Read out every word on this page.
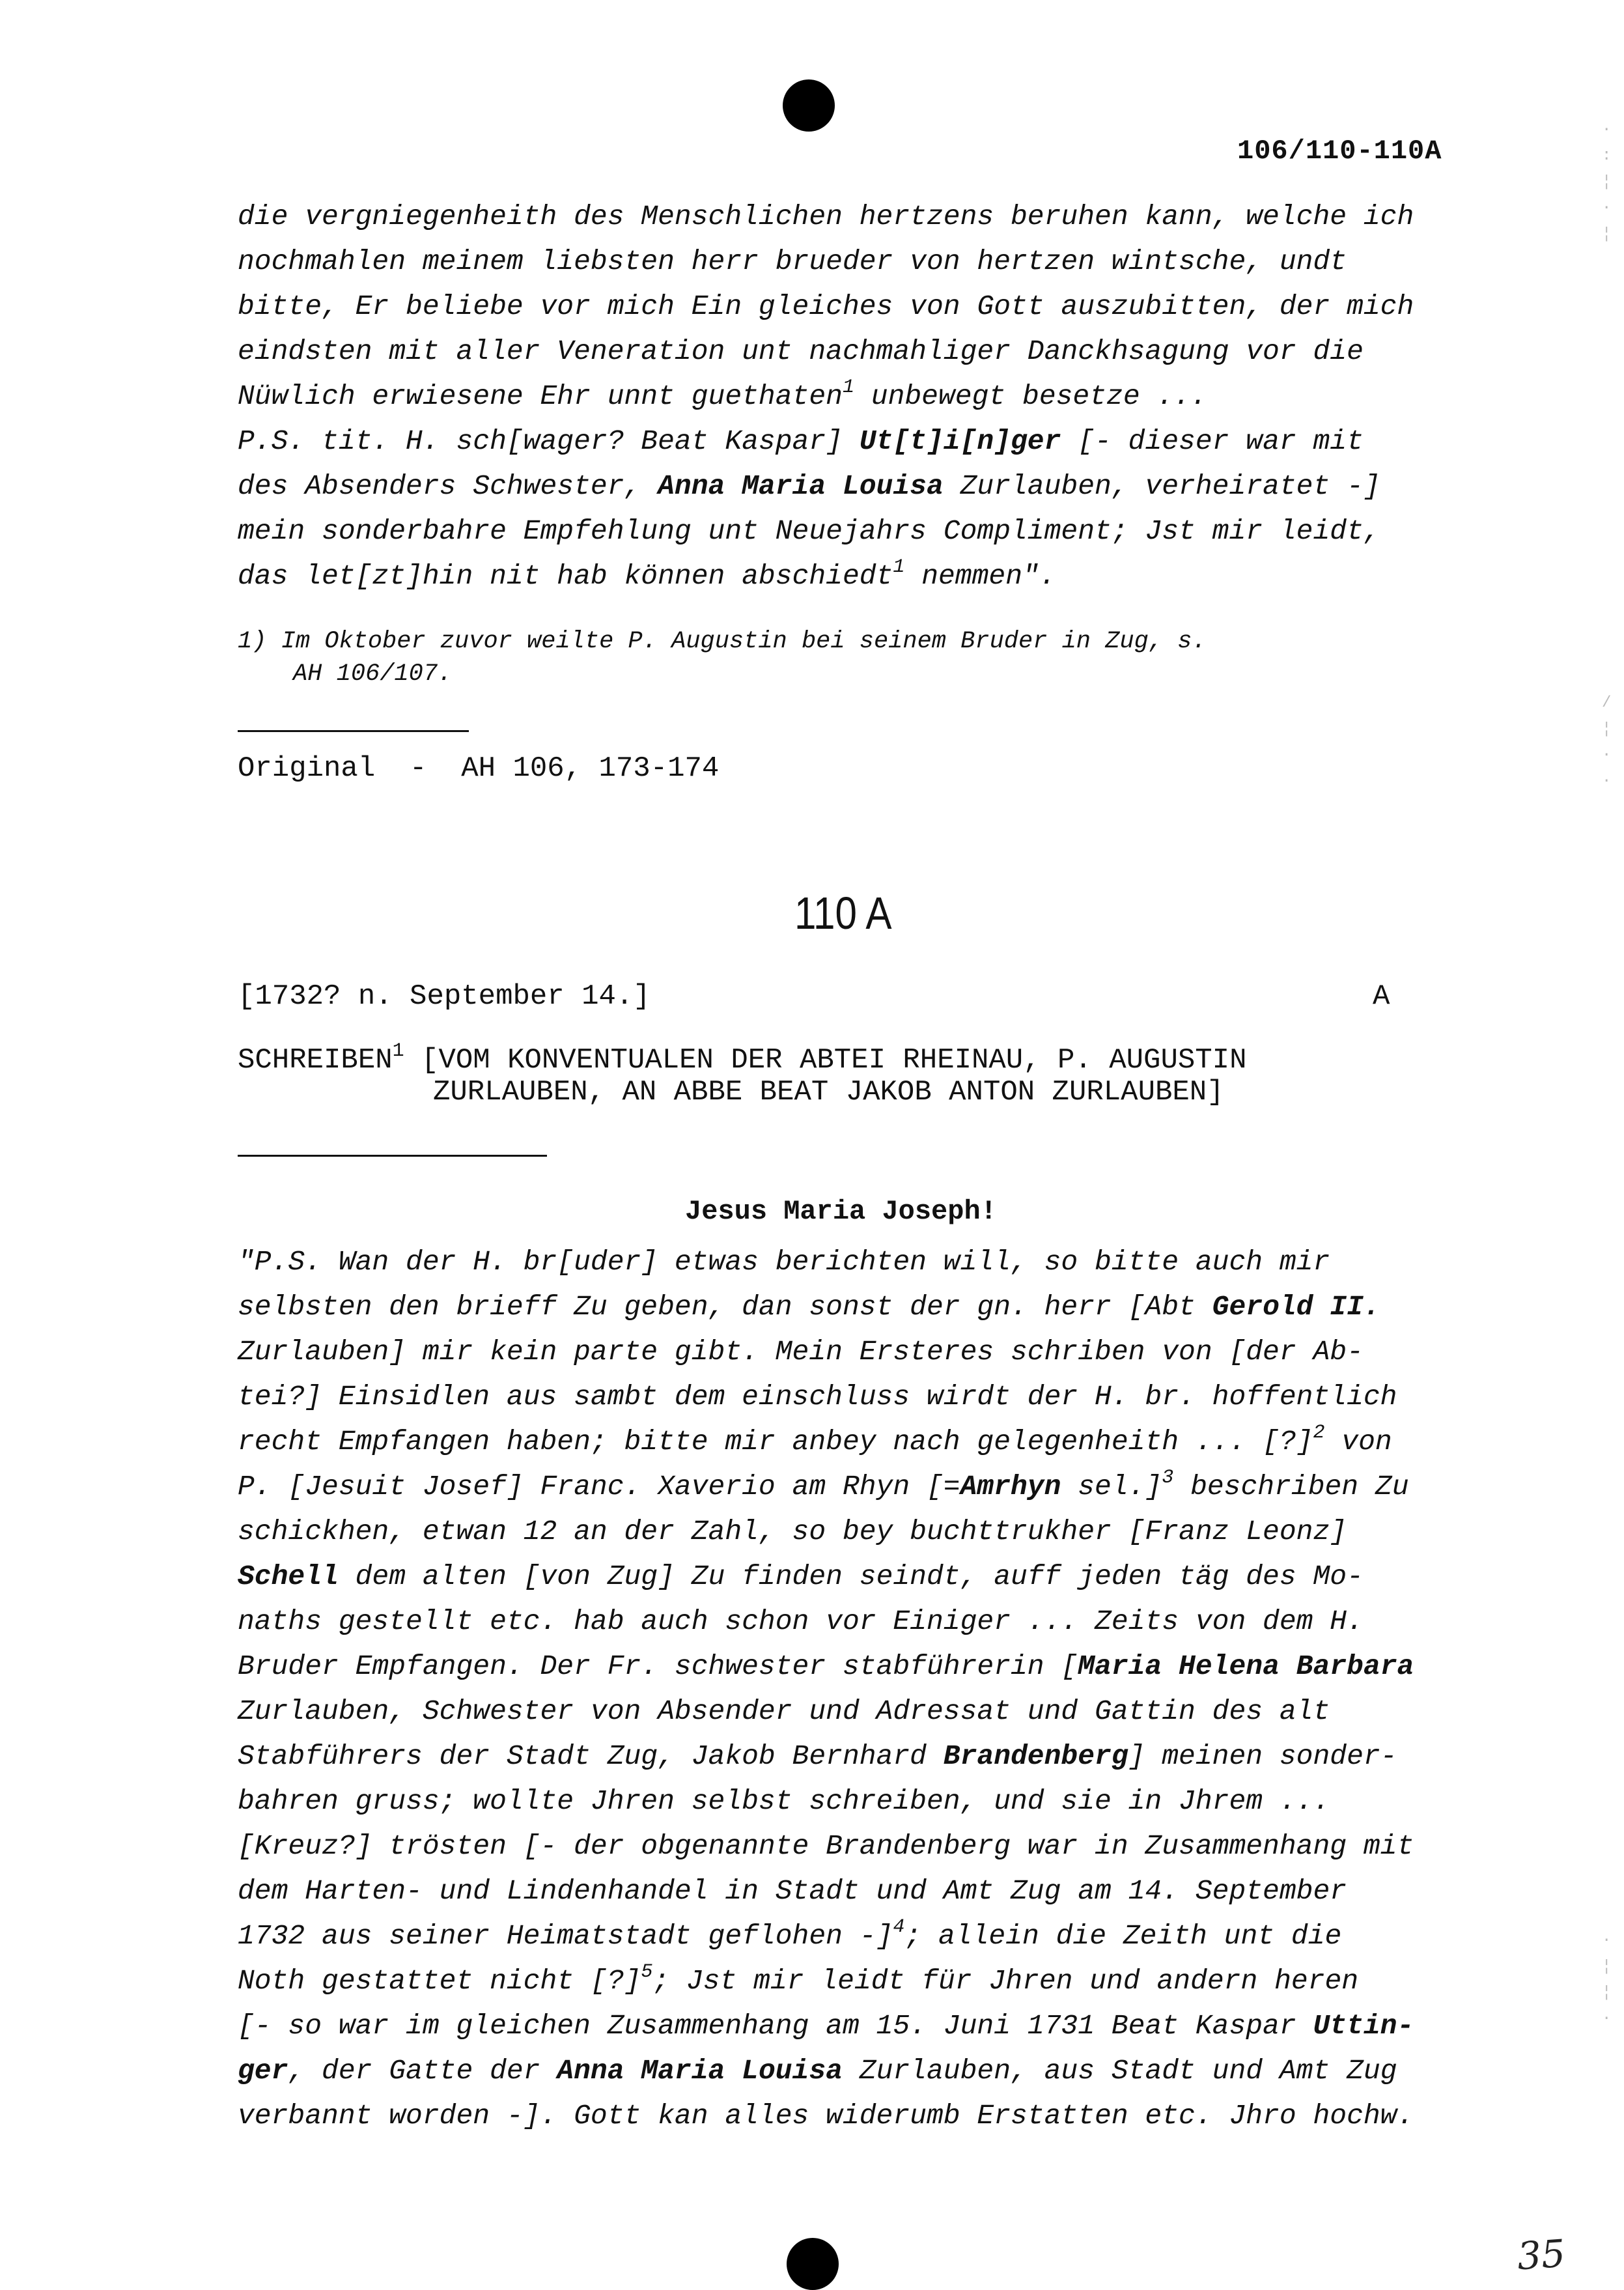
106/110-110A
die vergniegenheith des Menschlichen hertzens beruhen kann, welche ich
nochmahlen meinem liebsten herr brueder von hertzen wintsche, undt
bitte, Er beliebe vor mich Ein gleiches von Gott auszubitten, der mich
eindsten mit aller Veneration unt nachmahliger Danckhsagung vor die
Nüwlich erwiesene Ehr unnt guethaten$^1$ unbewegt besetze ...
P.S. tit. H. sch[wager? Beat Kaspar] Ut[t]i[n]ger [- dieser war mit
des Absenders Schwester, Anna Maria Louisa Zurlauben, verheiratet -]
mein sonderbahre Empfehlung unt Neuejahrs Compliment; Jst mir leidt,
das let[zt]hin nit hab können abschiedt$^1$ nemmen".
1) Im Oktober zuvor weilte P. Augustin bei seinem Bruder in Zug, s.
AH 106/107.
Original  -  AH 106, 173-174
110 A
[1732? n. September 14.]	A
SCHREIBEN$^1$ [VOM KONVENTUALEN DER ABTEI RHEINAU, P. AUGUSTIN
ZURLAUBEN, AN ABBE BEAT JAKOB ANTON ZURLAUBEN]
Jesus Maria Joseph!
"P.S. Wan der H. br[uder] etwas berichten will, so bitte auch mir
selbsten den brieff Zu geben, dan sonst der gn. herr [Abt Gerold II.
Zurlauben] mir kein parte gibt. Mein Ersteres schriben von [der Ab-
tei?] Einsidlen aus sambt dem einschluss wirdt der H. br. hoffentlich
recht Empfangen haben; bitte mir anbey nach gelegenheith ... [?]$^2$ von
P. [Jesuit Josef] Franc. Xaverio am Rhyn [=Amrhyn sel.]$^3$ beschriben Zu
schickhen, etwan 12 an der Zahl, so bey buchttrukher [Franz Leonz]
Schell dem alten [von Zug] Zu finden seindt, auff jeden täg des Mo-
naths gestellt etc. hab auch schon vor Einiger ... Zeits von dem H.
Bruder Empfangen. Der Fr. schwester stabführerin [Maria Helena Barbara
Zurlauben, Schwester von Absender und Adressat und Gattin des alt
Stabführers der Stadt Zug, Jakob Bernhard Brandenberg] meinen sonder-
bahren gruss; wollte Jhren selbst schreiben, und sie in Jhrem ...
[Kreuz?] trösten [- der obgenannte Brandenberg war in Zusammenhang mit
dem Harten- und Lindenhandel in Stadt und Amt Zug am 14. September
1732 aus seiner Heimatstadt geflohen -]$^4$; allein die Zeith unt die
Noth gestattet nicht [?]$^5$; Jst mir leidt für Jhren und andern heren
[- so war im gleichen Zusammenhang am 15. Juni 1731 Beat Kaspar Uttin-
ger, der Gatte der Anna Maria Louisa Zurlauben, aus Stadt und Amt Zug
verbannt worden -]. Gott kan alles widerumb Erstatten etc. Jhro hochw.
· : ¦ · ¦
/ ¦ · ·
· ¦ ¦ ·
35
